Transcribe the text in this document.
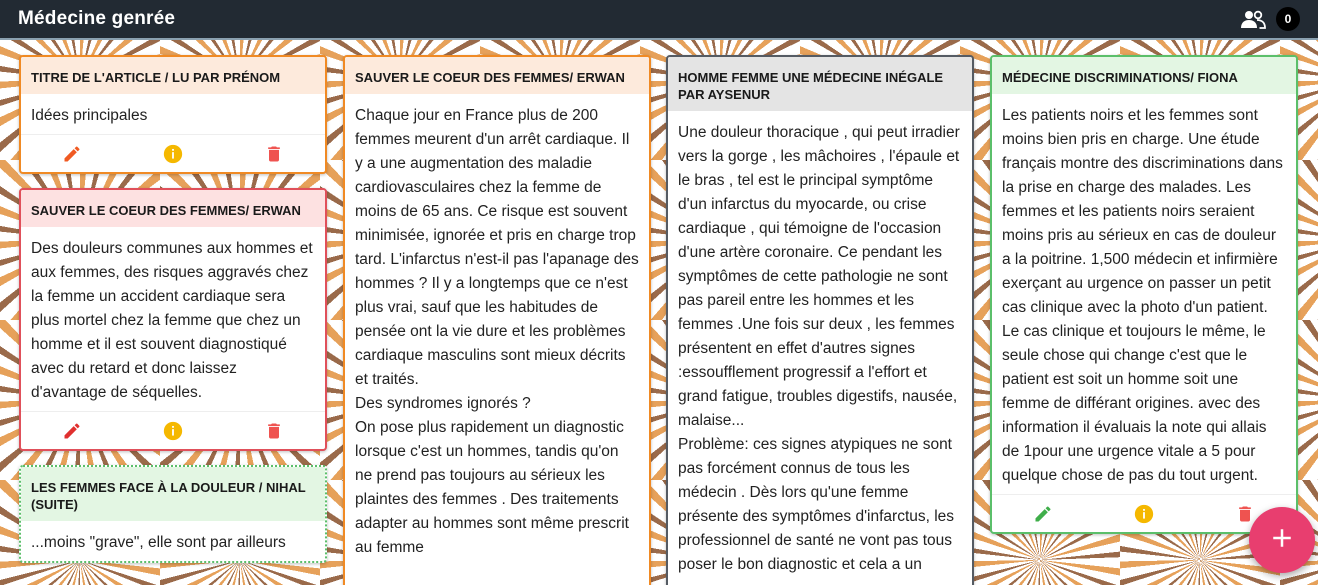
Médecine genrée	0
TITRE DE L'ARTICLE / LU PAR PRÉNOM
Idées principales
SAUVER LE COEUR DES FEMMES/ ERWAN
Des douleurs communes aux hommes et aux femmes, des risques aggravés chez la femme un accident cardiaque sera plus mortel chez la femme que chez un homme et il est souvent diagnostiqué avec du retard et donc laissez d'avantage de séquelles.
LES FEMMES FACE À LA DOULEUR / NIHAL (SUITE)
...moins "grave", elle sont par ailleurs
SAUVER LE COEUR DES FEMMES/ ERWAN
Chaque jour en France plus de 200 femmes meurent d'un arrêt cardiaque. Il y a une augmentation des maladie cardiovasculaires chez la femme de moins de 65 ans. Ce risque est souvent minimisée, ignorée et pris en charge trop tard. L'infarctus n'est-il pas l'apanage des hommes ? Il y a longtemps que ce n'est plus vrai, sauf que les habitudes de pensée ont la vie dure et les problèmes cardiaque masculins sont mieux décrits et traités.
Des syndromes ignorés ?
On pose plus rapidement un diagnostic lorsque c'est un hommes, tandis qu'on ne prend pas toujours au sérieux les plaintes des femmes . Des traitements adapter au hommes sont même prescrit  au femme
HOMME FEMME UNE MÉDECINE INÉGALE PAR AYSENUR
Une douleur thoracique , qui peut irradier vers la gorge , les mâchoires , l'épaule et le bras , tel est le principal symptôme d'un infarctus du myocarde, ou crise cardiaque , qui témoigne de l'occasion d'une artère coronaire. Ce pendant les symptômes de cette pathologie ne sont pas pareil entre les hommes et les femmes .Une fois sur deux , les femmes présentent en effet d'autres signes :essoufflement progressif a l'effort et grand fatigue, troubles digestifs, nausée, malaise...
Problème: ces signes atypiques ne sont pas forcément connus de tous les médecin . Dès lors qu'une femme présente des symptômes d'infarctus, les professionnel de santé ne vont pas tous poser le bon diagnostic et cela a un
MÉDECINE DISCRIMINATIONS/ FIONA
Les patients noirs et les femmes sont moins bien pris en charge. Une étude français montre des discriminations dans la prise en charge des malades. Les femmes et les patients noirs seraient moins pris au sérieux en cas de douleur a la poitrine. 1,500 médecin et infirmière exerçant au urgence on passer un petit cas clinique avec la photo d'un patient. Le cas clinique et toujours le même, le seule chose qui change c'est que le patient est soit un homme soit une femme de différant origines. avec des information il évaluais la note qui allais de 1pour une urgence vitale a 5 pour quelque chose de pas du tout urgent.
